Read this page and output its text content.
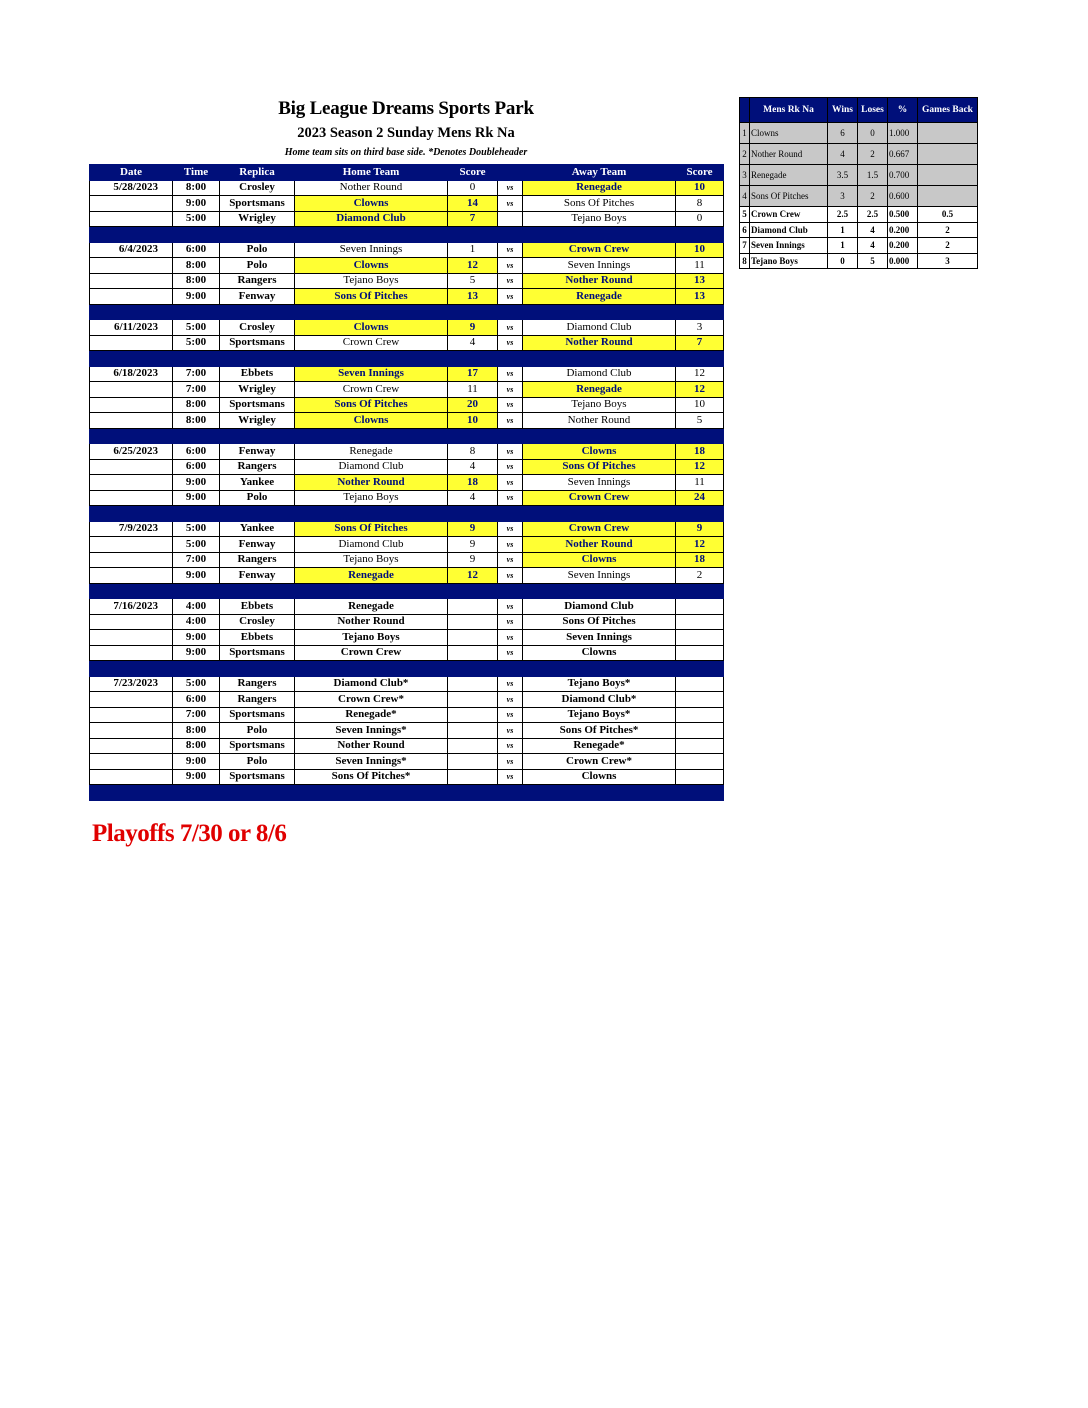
Big League Dreams Sports Park
2023 Season 2 Sunday Mens Rk Na
Home team sits on third base side. *Denotes Doubleheader
Date	Time	Replica	Home Team	Score		Away Team	Score
5/28/2023	8:00	Crosley	Nother Round	0	vs	Renegade	10
	9:00	Sportsmans	Clowns	14	vs	Sons Of Pitches	8
	5:00	Wrigley	Diamond Club	7		Tejano Boys	0

6/4/2023	6:00	Polo	Seven Innings	1	vs	Crown Crew	10
	8:00	Polo	Clowns	12	vs	Seven Innings	11
	8:00	Rangers	Tejano Boys	5	vs	Nother Round	13
	9:00	Fenway	Sons Of Pitches	13	vs	Renegade	13

6/11/2023	5:00	Crosley	Clowns	9	vs	Diamond Club	3
	5:00	Sportsmans	Crown Crew	4	vs	Nother Round	7

6/18/2023	7:00	Ebbets	Seven Innings	17	vs	Diamond Club	12
	7:00	Wrigley	Crown Crew	11	vs	Renegade	12
	8:00	Sportsmans	Sons Of Pitches	20	vs	Tejano Boys	10
	8:00	Wrigley	Clowns	10	vs	Nother Round	5

6/25/2023	6:00	Fenway	Renegade	8	vs	Clowns	18
	6:00	Rangers	Diamond Club	4	vs	Sons Of Pitches	12
	9:00	Yankee	Nother Round	18	vs	Seven Innings	11
	9:00	Polo	Tejano Boys	4	vs	Crown Crew	24

7/9/2023	5:00	Yankee	Sons Of Pitches	9	vs	Crown Crew	9
	5:00	Fenway	Diamond Club	9	vs	Nother Round	12
	7:00	Rangers	Tejano Boys	9	vs	Clowns	18
	9:00	Fenway	Renegade	12	vs	Seven Innings	2

7/16/2023	4:00	Ebbets	Renegade		vs	Diamond Club	
	4:00	Crosley	Nother Round		vs	Sons Of Pitches	
	9:00	Ebbets	Tejano Boys		vs	Seven Innings	
	9:00	Sportsmans	Crown Crew		vs	Clowns	

7/23/2023	5:00	Rangers	Diamond Club*		vs	Tejano Boys*	
	6:00	Rangers	Crown Crew*		vs	Diamond Club*	
	7:00	Sportsmans	Renegade*		vs	Tejano Boys*	
	8:00	Polo	Seven Innings*		vs	Sons Of Pitches*	
	8:00	Sportsmans	Nother Round		vs	Renegade*	
	9:00	Polo	Seven Innings*		vs	Crown Crew*	
	9:00	Sportsmans	Sons Of Pitches*		vs	Clowns	

	Mens Rk Na	Wins	Loses	%	Games Back
1	Clowns	6	0	1.000	
2	Nother Round	4	2	0.667	
3	Renegade	3.5	1.5	0.700	
4	Sons Of Pitches	3	2	0.600	
5	Crown Crew	2.5	2.5	0.500	0.5
6	Diamond Club	1	4	0.200	2
7	Seven Innings	1	4	0.200	2
8	Tejano Boys	0	5	0.000	3
Playoffs 7/30 or 8/6
